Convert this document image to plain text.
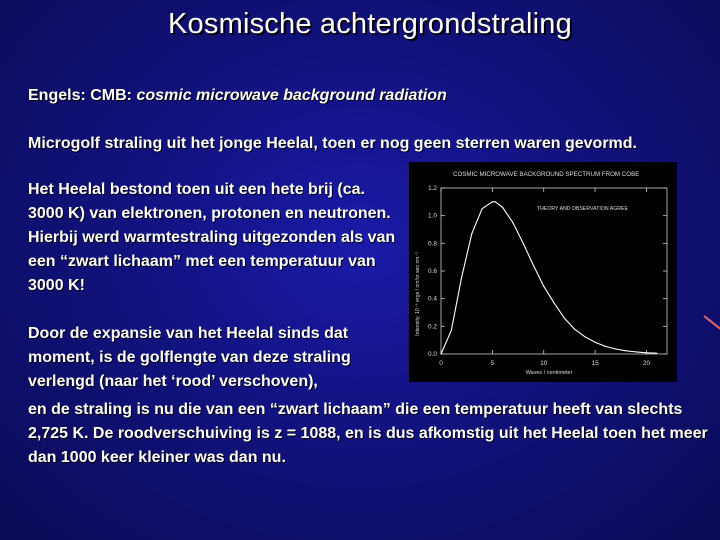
Kosmische achtergrondstraling
Engels: CMB: cosmic microwave background radiation
Microgolf straling uit het jonge Heelal, toen er nog geen sterren waren gevormd.
Het Heelal bestond toen uit een hete brij (ca. 3000 K) van elektronen, protonen en neutronen. Hierbij werd warmtestraling uitgezonden als van een “zwart lichaam” met een temperatuur van 3000 K!
Door de expansie van het Heelal sinds dat moment, is de golflengte van deze straling verlengd (naar het ‘rood’ verschoven),
en de straling is nu die van een “zwart lichaam” die een temperatuur heeft van slechts 2,725 K. De roodverschuiving is z = 1088, en is dus afkomstig uit het Heelal toen het meer dan 1000 keer kleiner was dan nu.
COSMIC MICROWAVE BACKGROUND SPECTRUM FROM COBE
THEORY AND OBSERVATION AGREE
Intensity, 10⁻⁴ ergs / cm²sr sec cm⁻¹
Waves / centimeter
0.0
0.2
0.4
0.6
0.8
1.0
1.2
0	5	10	15	20
